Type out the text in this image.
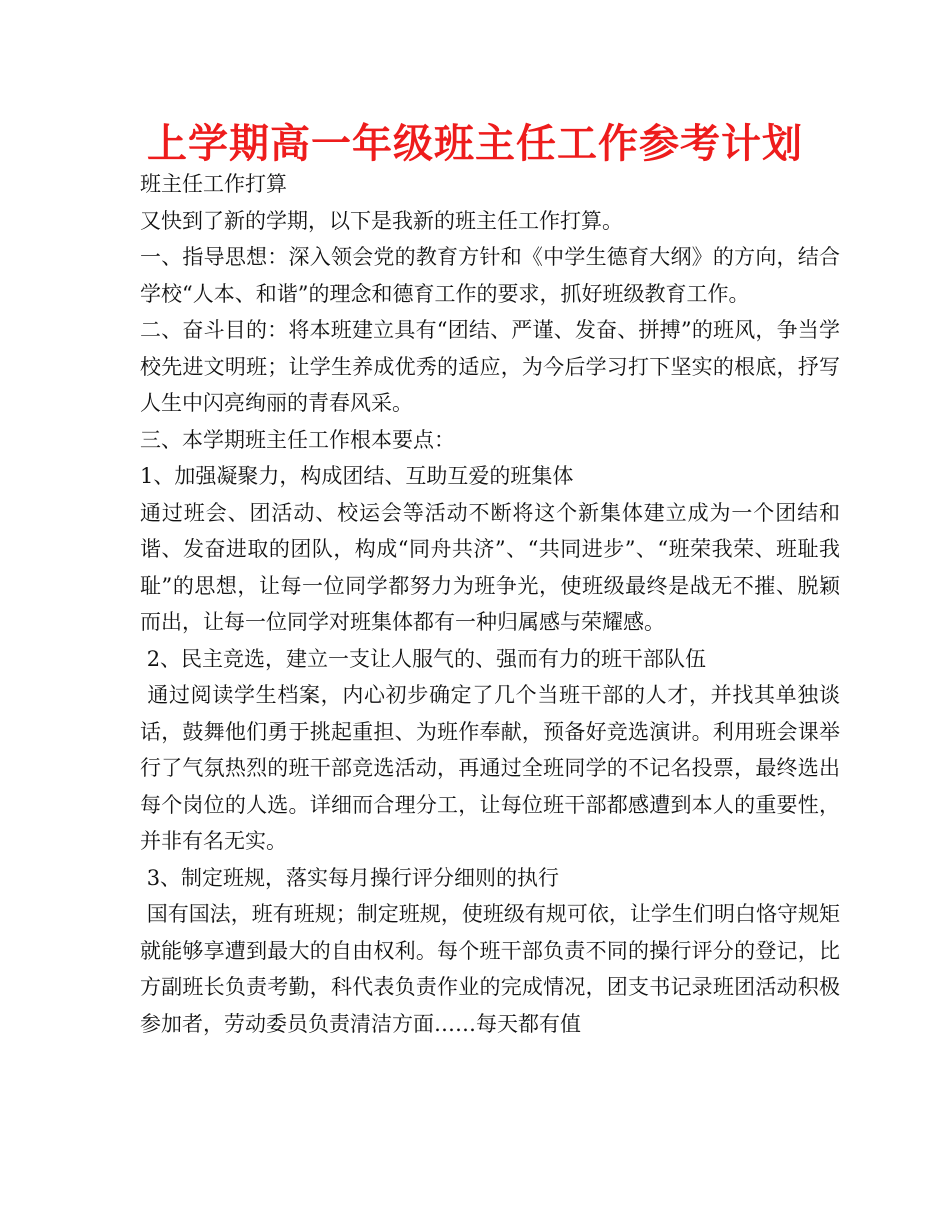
上学期高一年级班主任工作参考计划

班主任工作打算

又快到了新的学期，以下是我新的班主任工作打算。

一、指导思想：深入领会党的教育方针和《中学生德育大纲》的方向，结合学校“人本、和谐”的理念和德育工作的要求，抓好班级教育工作。

二、奋斗目的：将本班建立具有“团结、严谨、发奋、拼搏”的班风，争当学校先进文明班；让学生养成优秀的适应，为今后学习打下坚实的根底，抒写人生中闪亮绚丽的青春风采。

三、本学期班主任工作根本要点：

1、加强凝聚力，构成团结、互助互爱的班集体

通过班会、团活动、校运会等活动不断将这个新集体建立成为一个团结和谐、发奋进取的团队，构成“同舟共济”、“共同进步”、“班荣我荣、班耻我耻”的思想，让每一位同学都努力为班争光，使班级最终是战无不摧、脱颖而出，让每一位同学对班集体都有一种归属感与荣耀感。

2、民主竞选，建立一支让人服气的、强而有力的班干部队伍

通过阅读学生档案，内心初步确定了几个当班干部的人才，并找其单独谈话，鼓舞他们勇于挑起重担、为班作奉献，预备好竞选演讲。利用班会课举行了气氛热烈的班干部竞选活动，再通过全班同学的不记名投票，最终选出每个岗位的人选。详细而合理分工，让每位班干部都感遭到本人的重要性，并非有名无实。

3、制定班规，落实每月操行评分细则的执行

国有国法，班有班规；制定班规，使班级有规可依，让学生们明白恪守规矩就能够享遭到最大的自由权利。每个班干部负责不同的操行评分的登记，比方副班长负责考勤，科代表负责作业的完成情况，团支书记录班团活动积极参加者，劳动委员负责清洁方面……每天都有值
